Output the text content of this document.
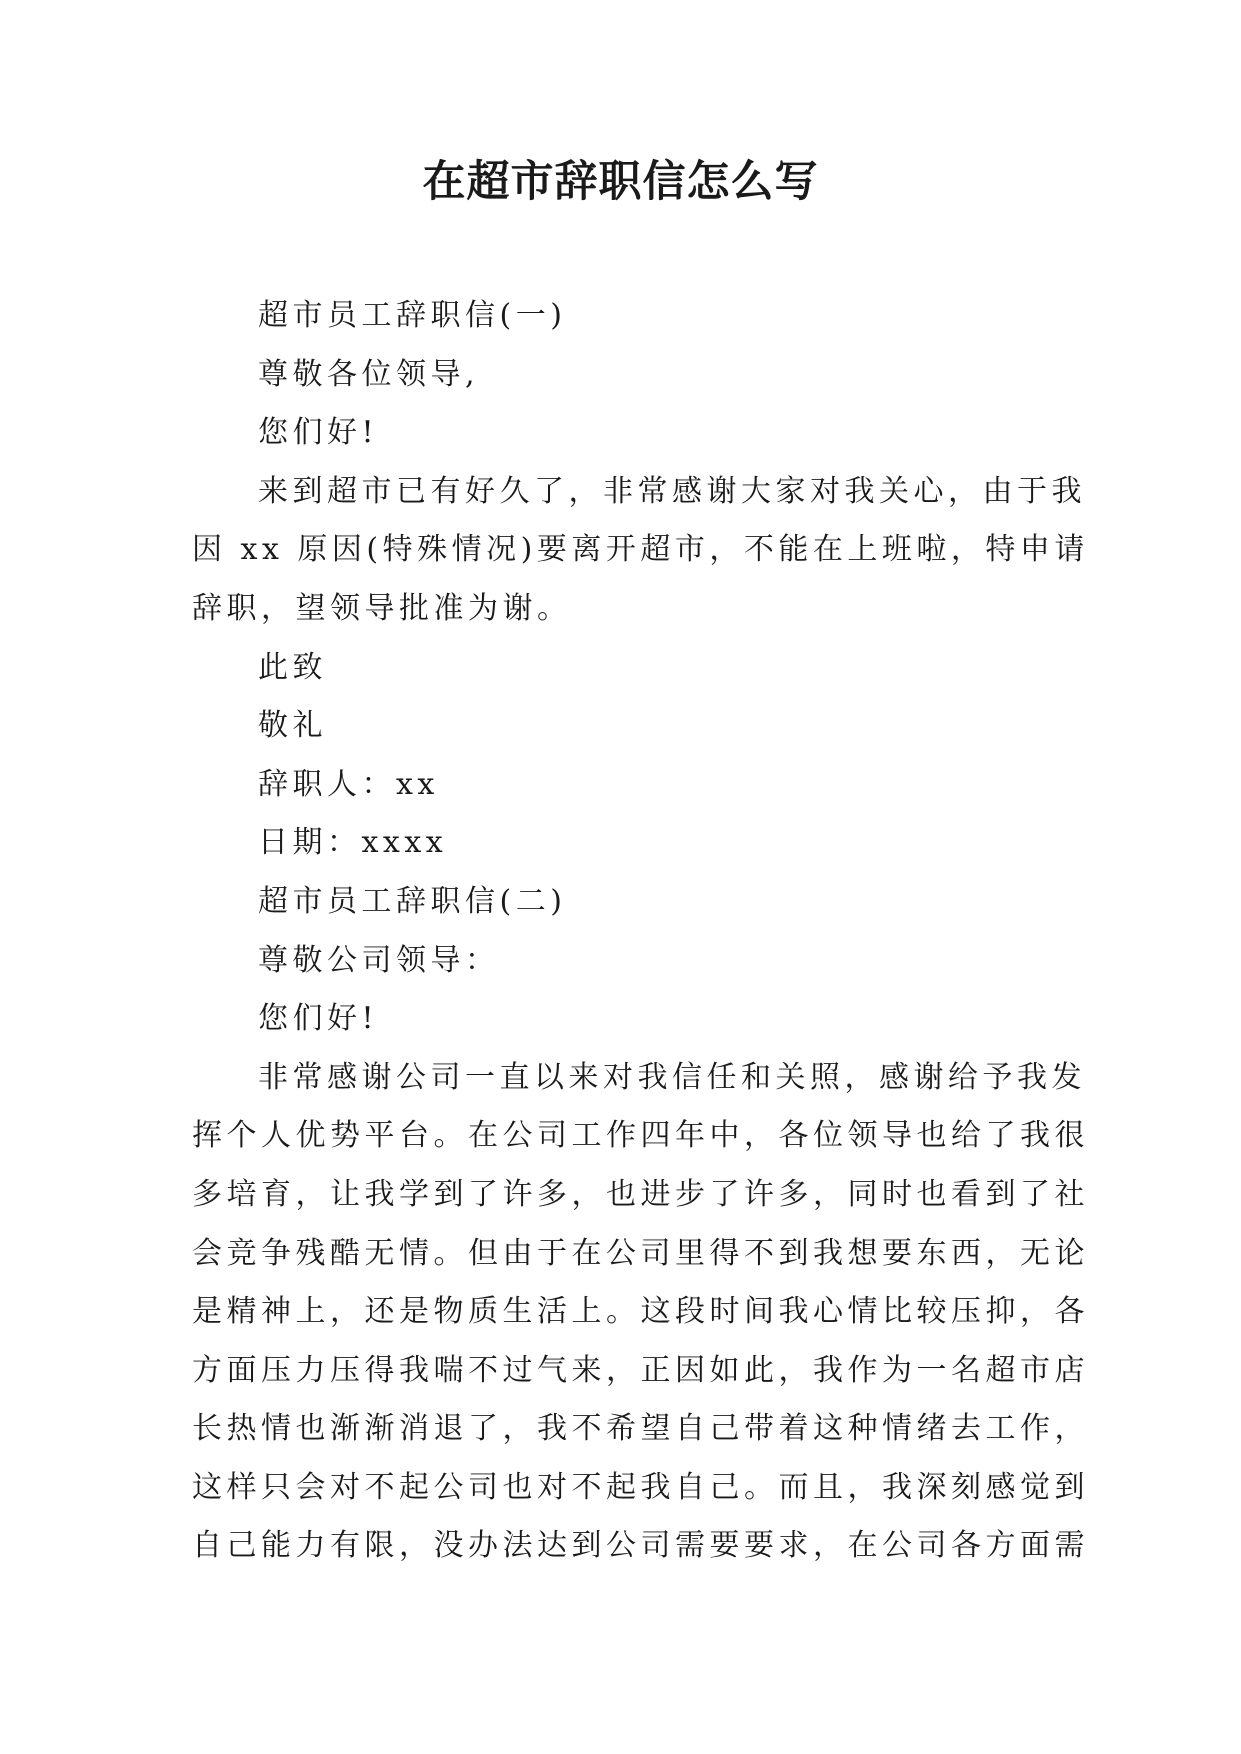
在超市辞职信怎么写

超市员工辞职信(一)

尊敬各位领导,

您们好!

来到超市已有好久了，非常感谢大家对我关心，由于我

因 xx 原因(特殊情况)要离开超市，不能在上班啦，特申请

辞职，望领导批准为谢。

此致

敬礼

辞职人：xx

日期：xxxx

超市员工辞职信(二)

尊敬公司领导：

您们好!

非常感谢公司一直以来对我信任和关照，感谢给予我发

挥个人优势平台。在公司工作四年中，各位领导也给了我很

多培育，让我学到了许多，也进步了许多，同时也看到了社

会竞争残酷无情。但由于在公司里得不到我想要东西，无论

是精神上，还是物质生活上。这段时间我心情比较压抑，各

方面压力压得我喘不过气来，正因如此，我作为一名超市店

长热情也渐渐消退了，我不希望自己带着这种情绪去工作，

这样只会对不起公司也对不起我自己。而且，我深刻感觉到

自己能力有限，没办法达到公司需要要求，在公司各方面需
